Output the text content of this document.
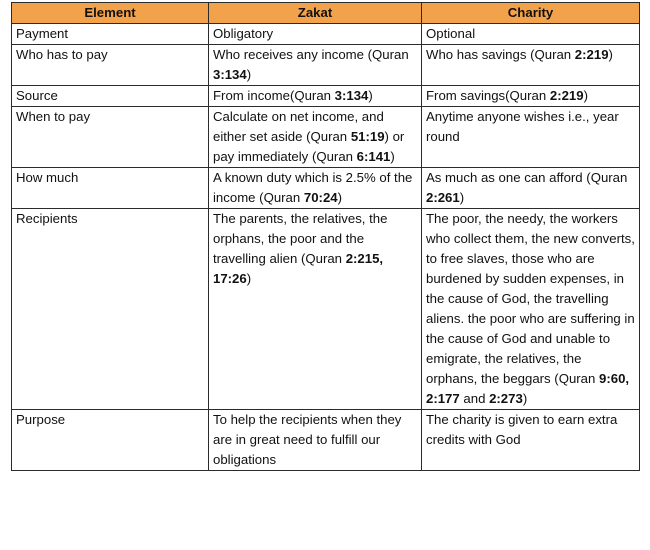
Element	Zakat	Charity
Payment	Obligatory	Optional
Who has to pay	Who receives any income (Quran 3:134)	Who has savings (Quran 2:219)
Source	From income(Quran 3:134)	From savings(Quran 2:219)
When to pay	Calculate on net income, and either set aside (Quran 51:19) or pay immediately (Quran 6:141)	Anytime anyone wishes i.e., year round
How much	A known duty which is 2.5% of the income (Quran 70:24)	As much as one can afford (Quran 2:261)
Recipients	The parents, the relatives, the orphans, the poor and the travelling alien (Quran 2:215, 17:26)	The poor, the needy, the workers who collect them, the new converts, to free slaves, those who are burdened by sudden expenses, in the cause of God, the travelling aliens. the poor who are suffering in the cause of God and unable to emigrate, the relatives, the orphans, the beggars (Quran 9:60, 2:177 and 2:273)
Purpose	To help the recipients when they are in great need to fulfill our obligations	The charity is given to earn extra credits with God
